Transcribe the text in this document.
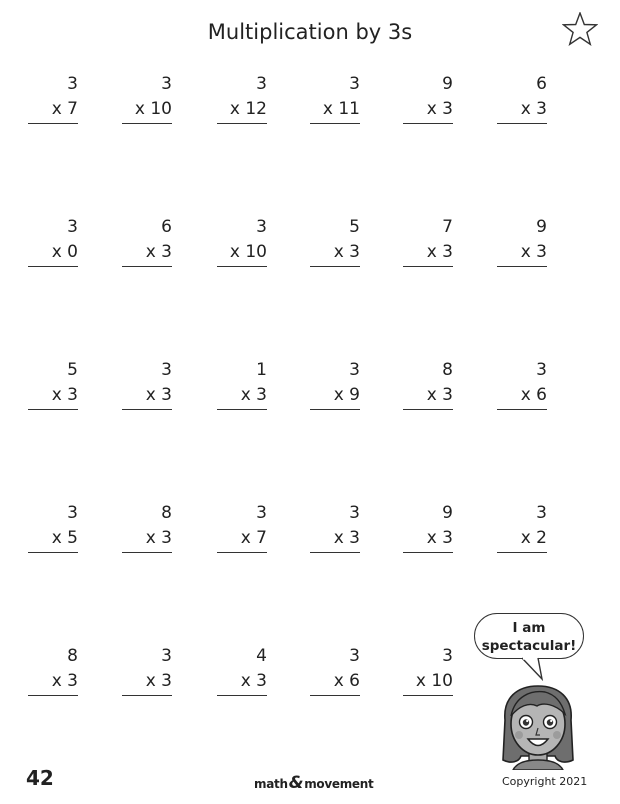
Multiplication by 3s
3
x 7
3
x 10
3
x 12
3
x 11
9
x 3
6
x 3
3
x 0
6
x 3
3
x 10
5
x 3
7
x 3
9
x 3
5
x 3
3
x 3
1
x 3
3
x 9
8
x 3
3
x 6
3
x 5
8
x 3
3
x 7
3
x 3
9
x 3
3
x 2
8
x 3
3
x 3
4
x 3
3
x 6
3
x 10
I am
spectacular!
42	math&movement	Copyright 2021
